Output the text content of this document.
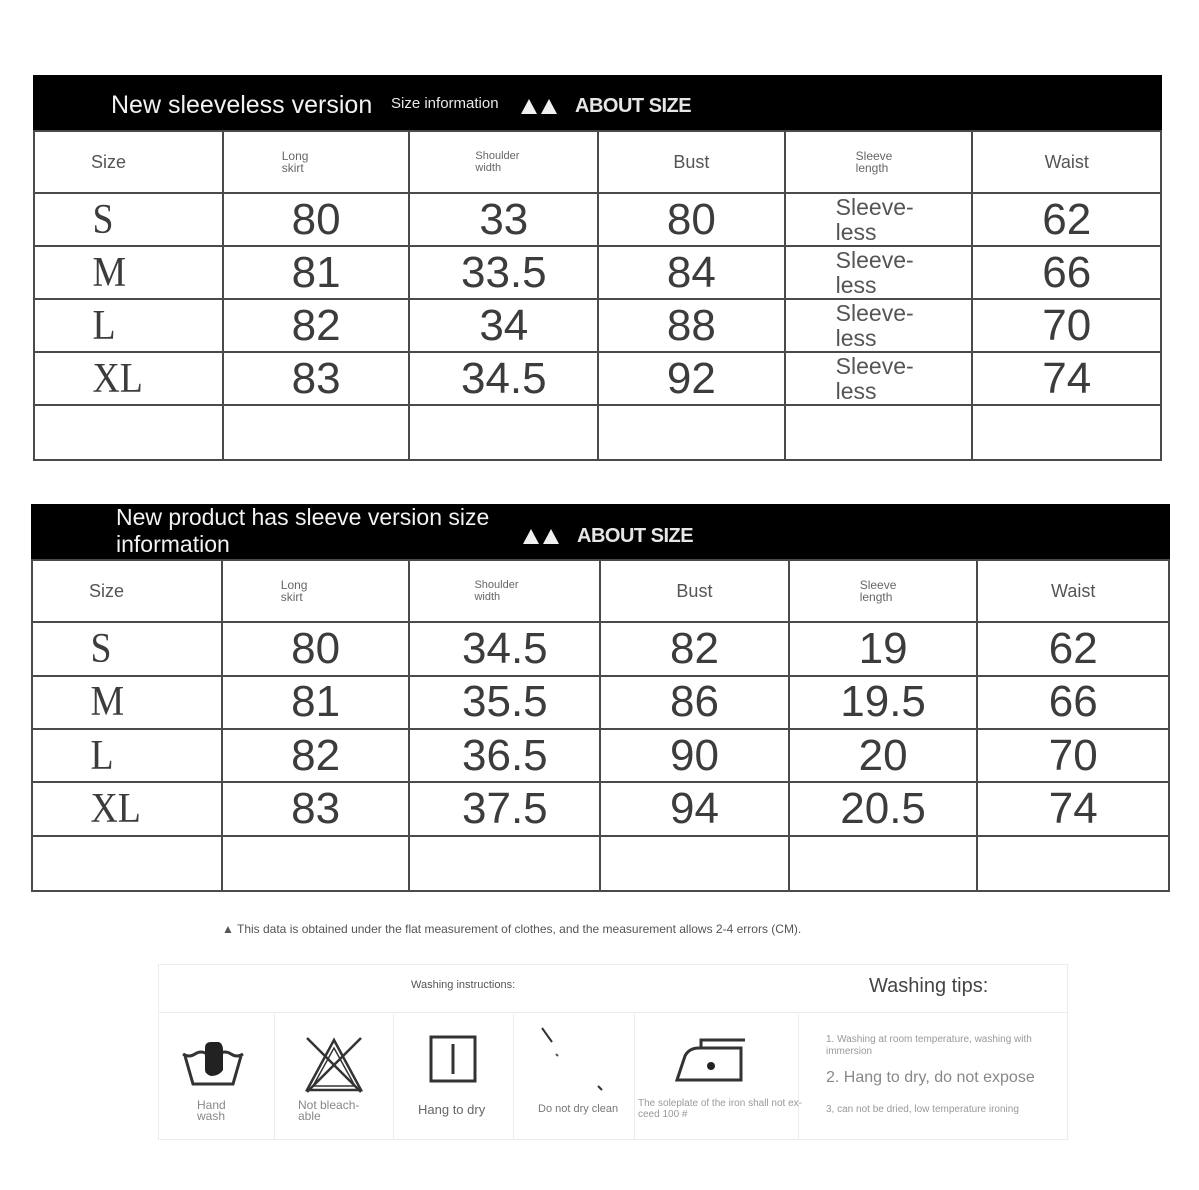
New sleeveless version Size information	ABOUT SIZE
Size	Long skirt	Shoulder width	Bust	Sleeve length	Waist
S	80	33	80	Sleeve-less	62
M	81	33.5	84	Sleeve-less	66
L	82	34	88	Sleeve-less	70
XL	83	34.5	92	Sleeve-less	74

New product has sleeve version size information	ABOUT SIZE
Size	Long skirt	Shoulder width	Bust	Sleeve length	Waist
S	80	34.5	82	19	62
M	81	35.5	86	19.5	66
L	82	36.5	90	20	70
XL	83	37.5	94	20.5	74

▲ This data is obtained under the flat measurement of clothes, and the measurement allows 2-4 errors (CM).
Washing instructions:	Washing tips:
Hand wash
Not bleach-able	Hang to dry	Do not dry clean The soleplate of the iron shall not ex-ceed 100 #
1. Washing at room temperature, washing with immersion
2. Hang to dry, do not expose
3, can not be dried, low temperature ironing
